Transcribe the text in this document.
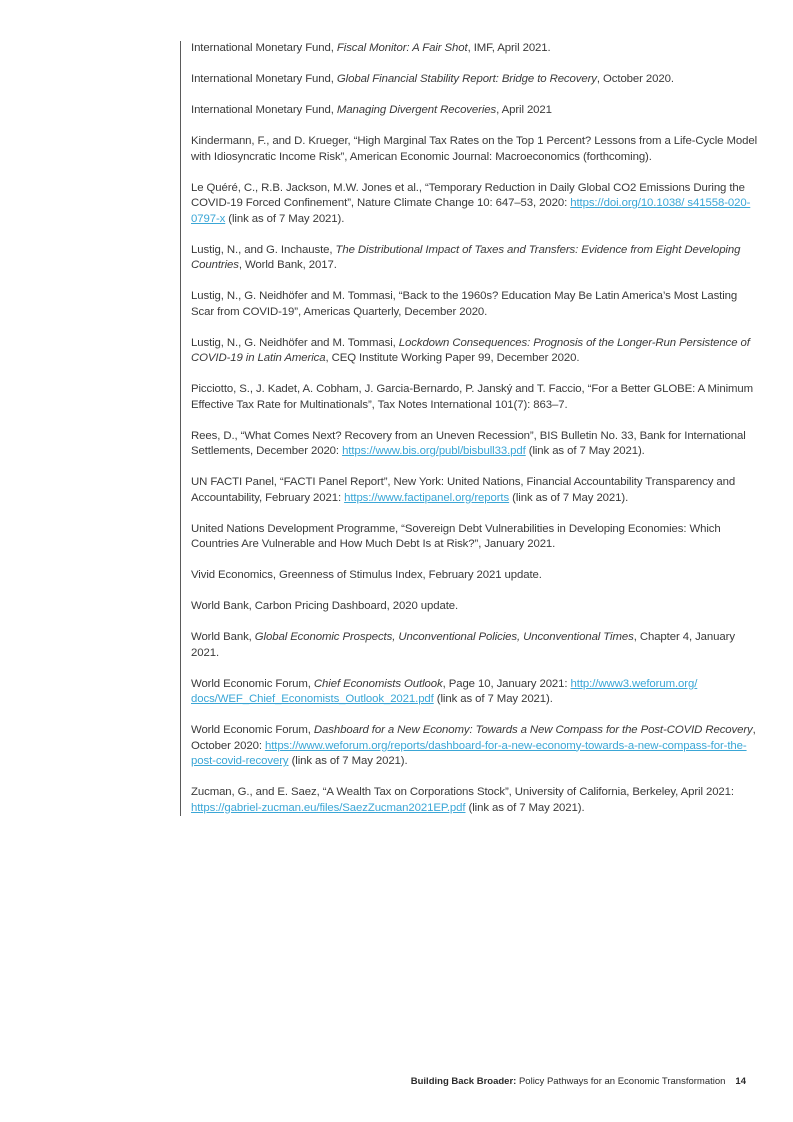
International Monetary Fund, Fiscal Monitor: A Fair Shot, IMF, April 2021.

International Monetary Fund, Global Financial Stability Report: Bridge to Recovery, October 2020.

International Monetary Fund, Managing Divergent Recoveries, April 2021

Kindermann, F., and D. Krueger, “High Marginal Tax Rates on the Top 1 Percent? Lessons from a Life-Cycle Model with Idiosyncratic Income Risk”, American Economic Journal: Macroeconomics (forthcoming).

Le Quéré, C., R.B. Jackson, M.W. Jones et al., “Temporary Reduction in Daily Global CO2 Emissions During the COVID-19 Forced Confinement”, Nature Climate Change 10: 647–53, 2020: https://doi.org/10.1038/ s41558-020-0797-x (link as of 7 May 2021).

Lustig, N., and G. Inchauste, The Distributional Impact of Taxes and Transfers: Evidence from Eight Developing Countries, World Bank, 2017.

Lustig, N., G. Neidhöfer and M. Tommasi, “Back to the 1960s? Education May Be Latin America’s Most Lasting Scar from COVID-19”, Americas Quarterly, December 2020.

Lustig, N., G. Neidhöfer and M. Tommasi, Lockdown Consequences: Prognosis of the Longer-Run Persistence of COVID-19 in Latin America, CEQ Institute Working Paper 99, December 2020.

Picciotto, S., J. Kadet, A. Cobham, J. Garcia-Bernardo, P. Janský and T. Faccio, “For a Better GLOBE: A Minimum Effective Tax Rate for Multinationals”, Tax Notes International 101(7): 863–7.

Rees, D., “What Comes Next? Recovery from an Uneven Recession”, BIS Bulletin No. 33, Bank for International Settlements, December 2020: https://www.bis.org/publ/bisbull33.pdf (link as of 7 May 2021).

UN FACTI Panel, “FACTI Panel Report”, New York: United Nations, Financial Accountability Transparency and Accountability, February 2021: https://www.factipanel.org/reports (link as of 7 May 2021).

United Nations Development Programme, “Sovereign Debt Vulnerabilities in Developing Economies: Which Countries Are Vulnerable and How Much Debt Is at Risk?”, January 2021.

Vivid Economics, Greenness of Stimulus Index, February 2021 update.

World Bank, Carbon Pricing Dashboard, 2020 update.

World Bank, Global Economic Prospects, Unconventional Policies, Unconventional Times, Chapter 4, January 2021.

World Economic Forum, Chief Economists Outlook, Page 10, January 2021: http://www3.weforum.org/ docs/WEF_Chief_Economists_Outlook_2021.pdf (link as of 7 May 2021).

World Economic Forum, Dashboard for a New Economy: Towards a New Compass for the Post-COVID Recovery, October 2020: https://www.weforum.org/reports/dashboard-for-a-new-economy-towards-a-new-compass-for-the-post-covid-recovery (link as of 7 May 2021).

Zucman, G., and E. Saez, “A Wealth Tax on Corporations Stock”, University of California, Berkeley, April 2021: https://gabriel-zucman.eu/files/SaezZucman2021EP.pdf (link as of 7 May 2021).

Building Back Broader: Policy Pathways for an Economic Transformation 14
